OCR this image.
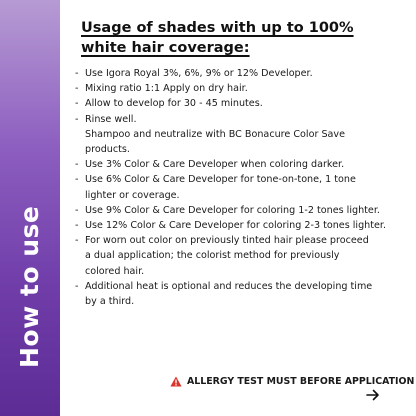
How to use
Usage of shades with up to 100% white hair coverage:
- Use Igora Royal 3%, 6%, 9% or 12% Developer.
- Mixing ratio 1:1 Apply on dry hair.
- Allow to develop for 30 - 45 minutes.
- Rinse well.
Shampoo and neutralize with BC Bonacure Color Save
products.
- Use 3% Color & Care Developer when coloring darker.
- Use 6% Color & Care Developer for tone-on-tone, 1 tone
lighter or coverage.
- Use 9% Color & Care Developer for coloring 1-2 tones lighter.
- Use 12% Color & Care Developer for coloring 2-3 tones lighter.
- For worn out color on previously tinted hair please proceed
a dual application; the colorist method for previously
colored hair.
- Additional heat is optional and reduces the developing time
by a third.
ALLERGY TEST MUST BEFORE APPLICATION
